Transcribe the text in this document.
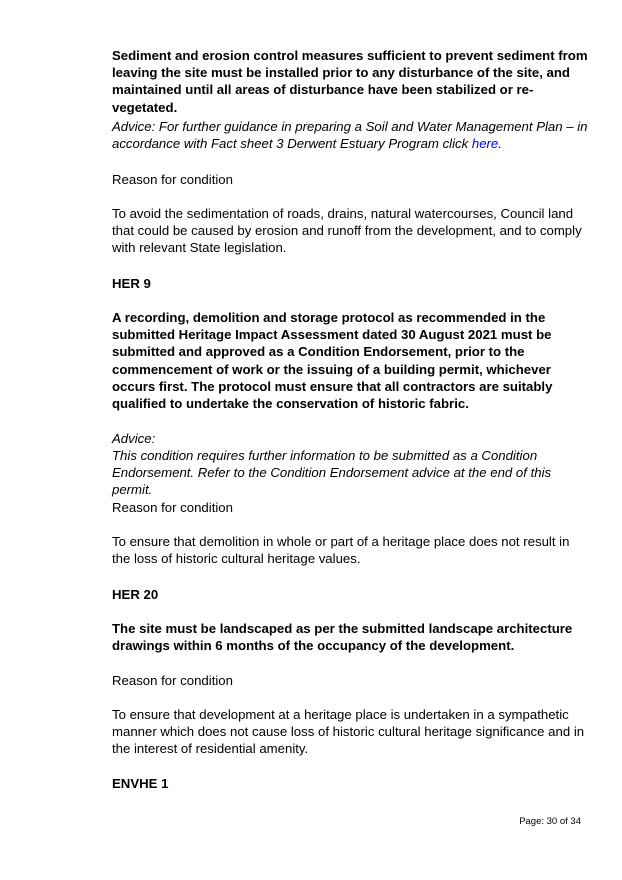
Sediment and erosion control measures sufficient to prevent sediment from leaving the site must be installed prior to any disturbance of the site, and maintained until all areas of disturbance have been stabilized or re-vegetated.

Advice: For further guidance in preparing a Soil and Water Management Plan – in accordance with Fact sheet 3 Derwent Estuary Program click here.

Reason for condition

To avoid the sedimentation of roads, drains, natural watercourses, Council land that could be caused by erosion and runoff from the development, and to comply with relevant State legislation.

HER 9

A recording, demolition and storage protocol as recommended in the submitted Heritage Impact Assessment dated 30 August 2021 must be submitted and approved as a Condition Endorsement, prior to the commencement of work or the issuing of a building permit, whichever occurs first. The protocol must ensure that all contractors are suitably qualified to undertake the conservation of historic fabric.

Advice:

This condition requires further information to be submitted as a Condition Endorsement. Refer to the Condition Endorsement advice at the end of this permit.

Reason for condition

To ensure that demolition in whole or part of a heritage place does not result in the loss of historic cultural heritage values.

HER 20

The site must be landscaped as per the submitted landscape architecture drawings within 6 months of the occupancy of the development.

Reason for condition

To ensure that development at a heritage place is undertaken in a sympathetic manner which does not cause loss of historic cultural heritage significance and in the interest of residential amenity.

ENVHE 1

Page: 30 of 34
